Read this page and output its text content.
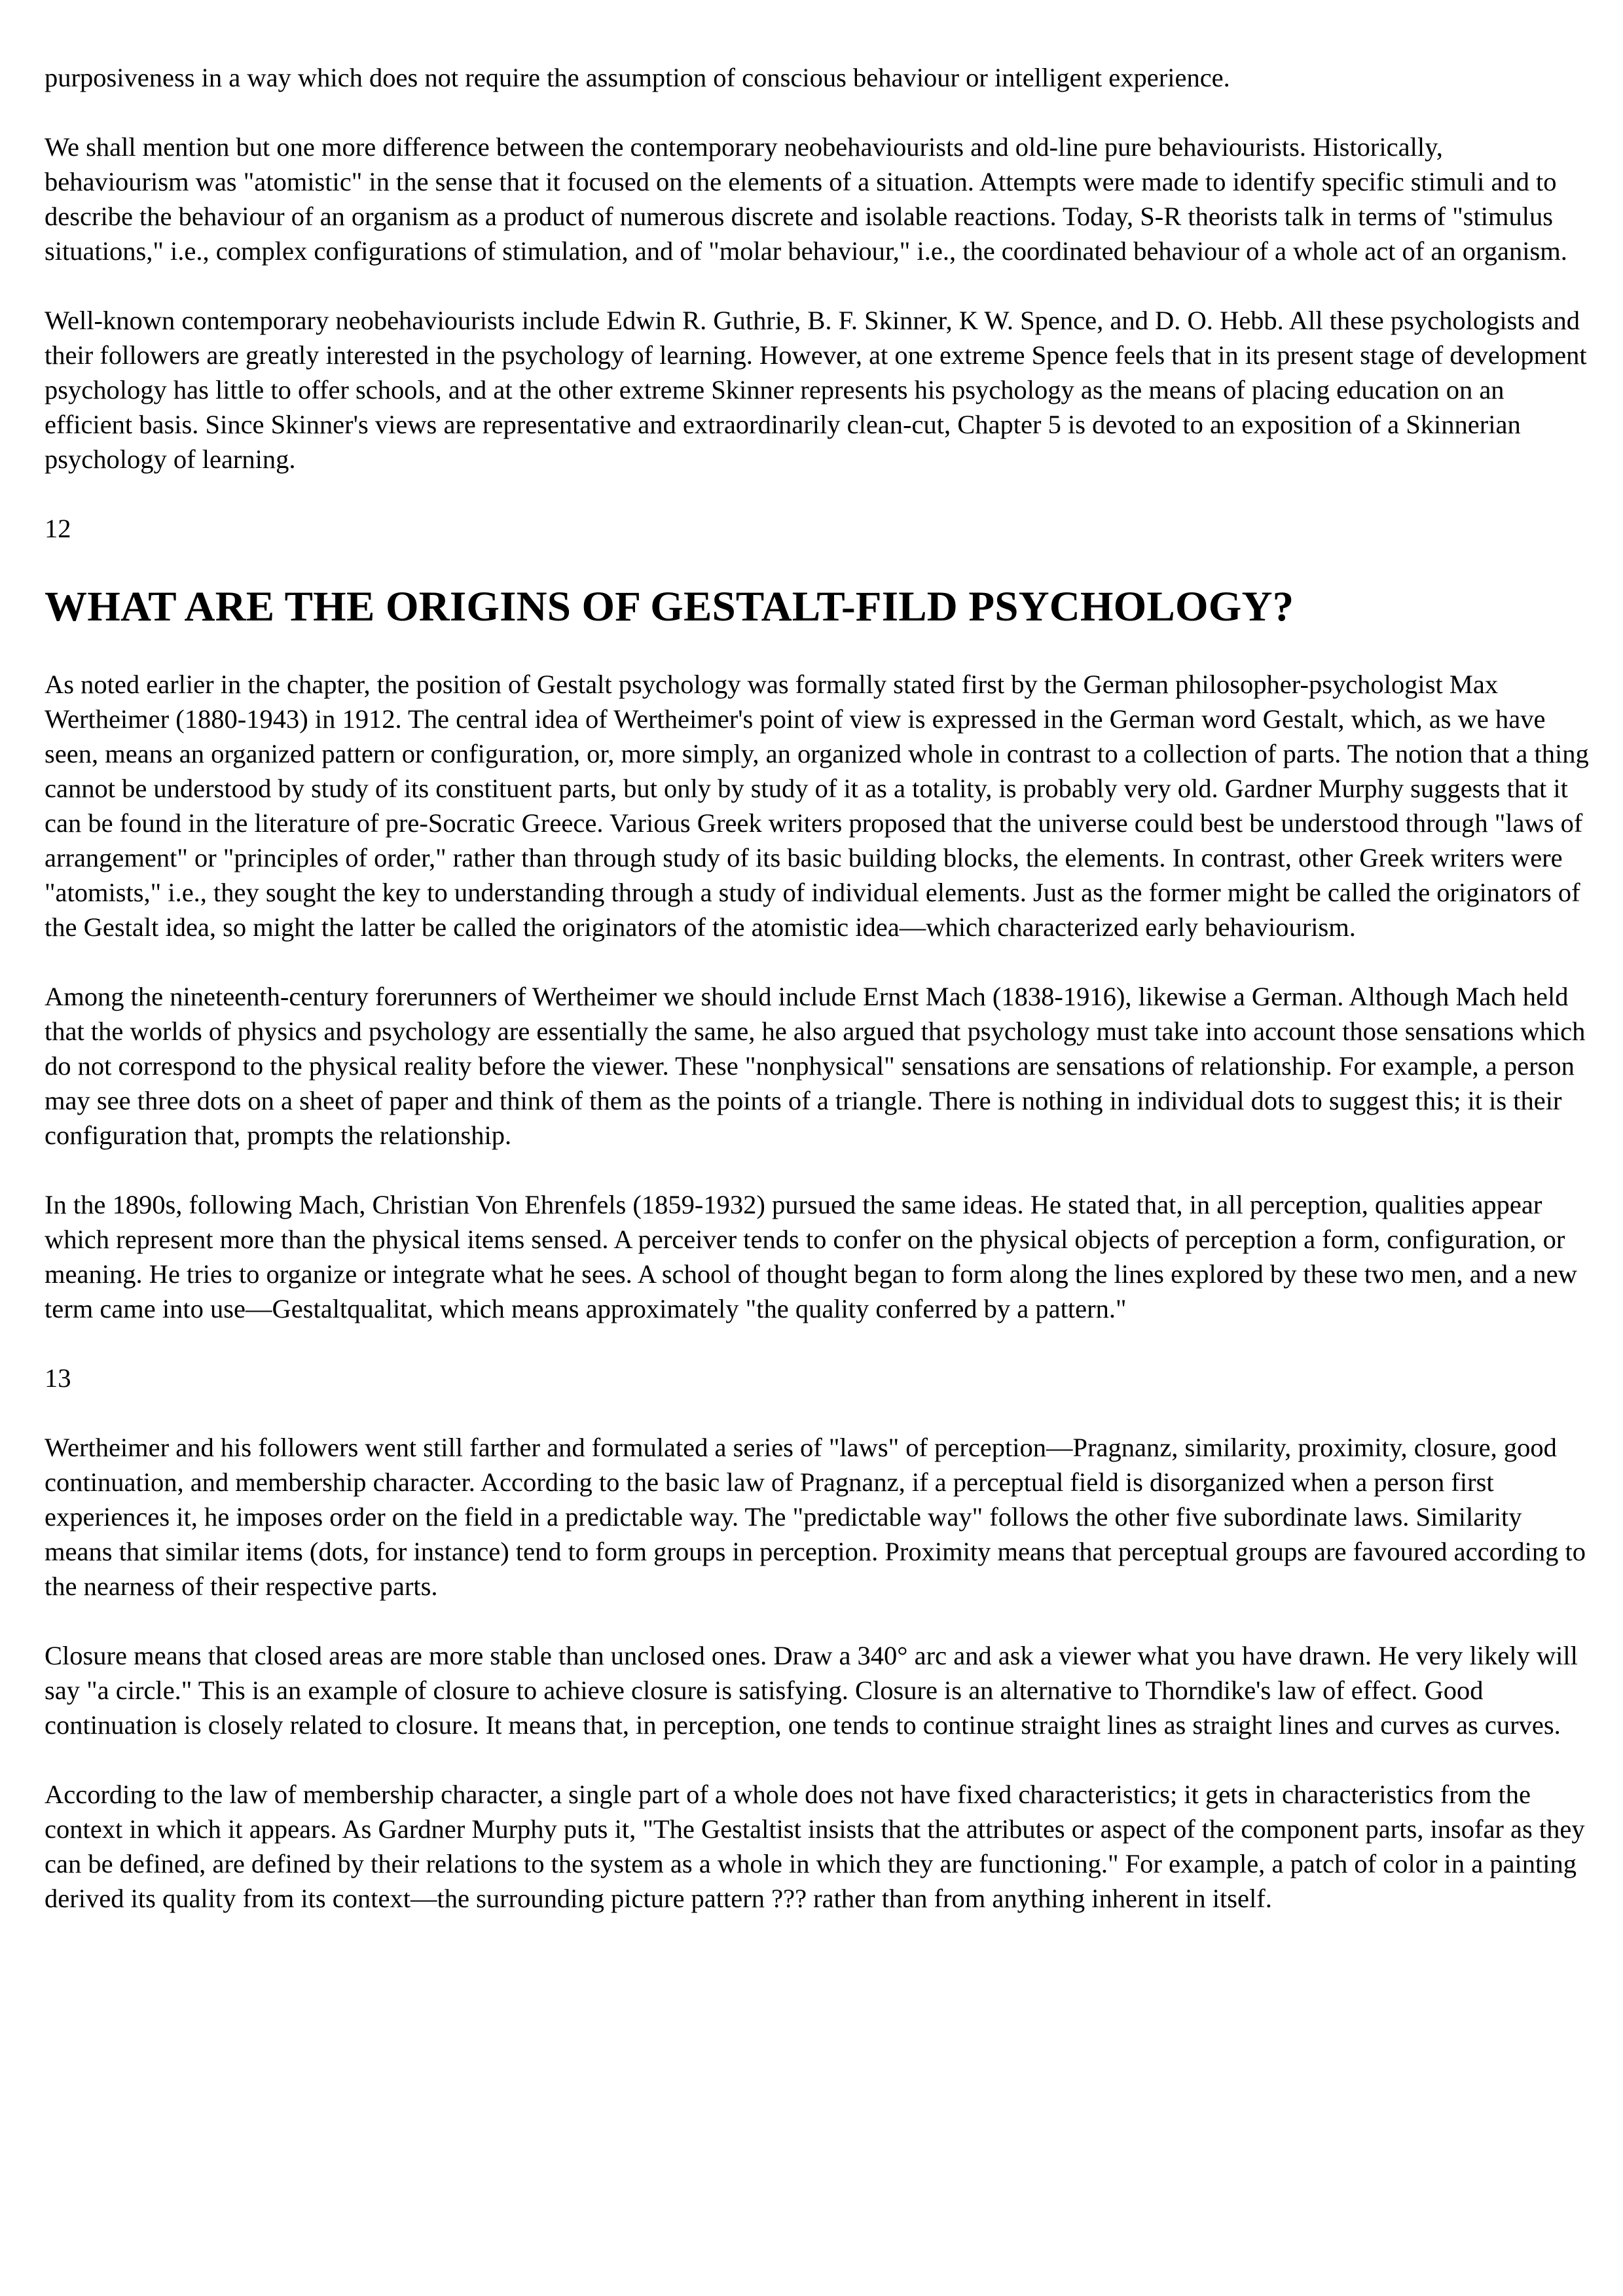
purposiveness in a way which does not require the assumption of conscious behaviour or intelligent experience.

We shall mention but one more difference between the contemporary neobehaviourists and old-line pure behaviourists. Historically, behaviourism was "atomistic" in the sense that it focused on the elements of a situation. Attempts were made to identify specific stimuli and to describe the behaviour of an organism as a product of numerous discrete and isolable reactions. Today, S-R theorists talk in terms of "stimulus situations," i.e., complex configurations of stimulation, and of "molar behaviour," i.e., the coordinated behaviour of a whole act of an organism.

Well-known contemporary neobehaviourists include Edwin R. Guthrie, B. F. Skinner, K W. Spence, and D. O. Hebb. All these psychologists and their followers are greatly interested in the psychology of learning. However, at one extreme Spence feels that in its present stage of development psychology has little to offer schools, and at the other extreme Skinner represents his psychology as the means of placing education on an efficient basis. Since Skinner's views are representative and extraordinarily clean-cut, Chapter 5 is devoted to an exposition of a Skinnerian psychology of learning.

12
WHAT ARE THE ORIGINS OF GESTALT-FILD PSYCHOLOGY?

As noted earlier in the chapter, the position of Gestalt psychology was formally stated first by the German philosopher-psychologist Max Wertheimer (1880-1943) in 1912. The central idea of Wertheimer's point of view is expressed in the German word Gestalt, which, as we have seen, means an organized pattern or configuration, or, more simply, an organized whole in contrast to a collection of parts. The notion that a thing cannot be understood by study of its constituent parts, but only by study of it as a totality, is probably very old. Gardner Murphy suggests that it can be found in the literature of pre-Socratic Greece. Various Greek writers proposed that the universe could best be understood through "laws of arrangement" or "principles of order," rather than through study of its basic building blocks, the elements. In contrast, other Greek writers were "atomists," i.e., they sought the key to understanding through a study of individual elements. Just as the former might be called the originators of the Gestalt idea, so might the latter be called the originators of the atomistic idea—which characterized early behaviourism.

Among the nineteenth-century forerunners of Wertheimer we should include Ernst Mach (1838-1916), likewise a German. Although Mach held that the worlds of physics and psychology are essentially the same, he also argued that psychology must take into account those sensations which do not correspond to the physical reality before the viewer. These "nonphysical" sensations are sensations of relationship. For example, a person may see three dots on a sheet of paper and think of them as the points of a triangle. There is nothing in individual dots to suggest this; it is their configuration that, prompts the relationship.

In the 1890s, following Mach, Christian Von Ehrenfels (1859-1932) pursued the same ideas. He stated that, in all perception, qualities appear which represent more than the physical items sensed. A perceiver tends to confer on the physical objects of perception a form, configuration, or meaning. He tries to organize or integrate what he sees. A school of thought began to form along the lines explored by these two men, and a new term came into use—Gestaltqualitat, which means approximately "the quality conferred by a pattern."

13

Wertheimer and his followers went still farther and formulated a series of "laws" of perception—Pragnanz, similarity, proximity, closure, good continuation, and membership character. According to the basic law of Pragnanz, if a perceptual field is disorganized when a person first experiences it, he imposes order on the field in a predictable way. The "predictable way" follows the other five subordinate laws. Similarity means that similar items (dots, for instance) tend to form groups in perception. Proximity means that perceptual groups are favoured according to the nearness of their respective parts.

Closure means that closed areas are more stable than unclosed ones. Draw a 340° arc and ask a viewer what you have drawn. He very likely will say "a circle." This is an example of closure to achieve closure is satisfying. Closure is an alternative to Thorndike's law of effect. Good continuation is closely related to closure. It means that, in perception, one tends to continue straight lines as straight lines and curves as curves.

According to the law of membership character, a single part of a whole does not have fixed characteristics; it gets in characteristics from the context in which it appears. As Gardner Murphy puts it, "The Gestaltist insists that the attributes or aspect of the component parts, insofar as they can be defined, are defined by their relations to the system as a whole in which they are functioning." For example, a patch of color in a painting derived its quality from its context—the surrounding picture pattern ??? rather than from anything inherent in itself.
